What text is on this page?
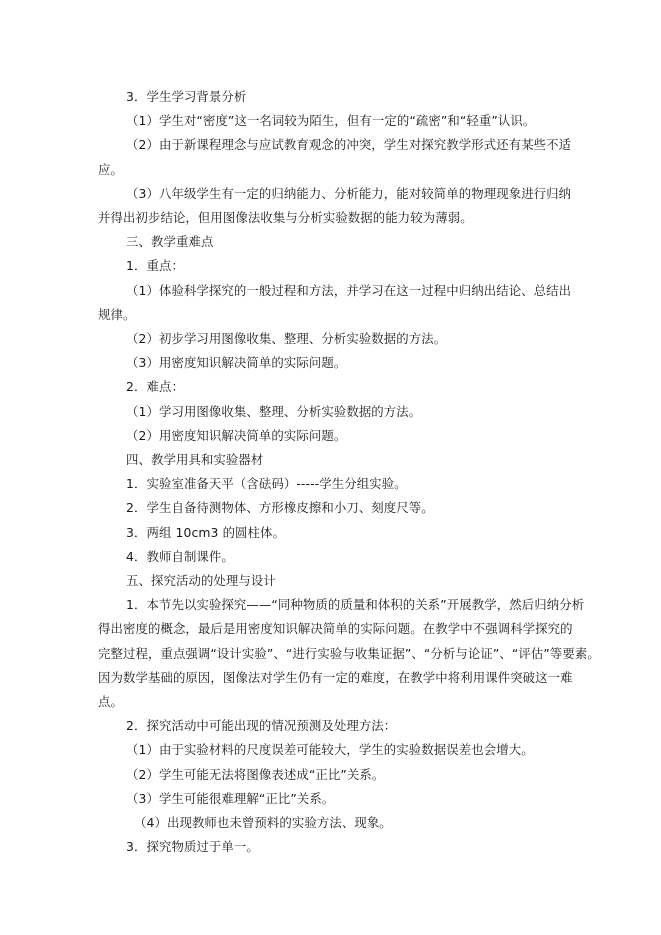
3．学生学习背景分析
（1）学生对“密度”这一名词较为陌生，但有一定的“疏密”和“轻重”认识。
（2）由于新课程理念与应试教育观念的冲突，学生对探究教学形式还有某些不适
应。
（3）八年级学生有一定的归纳能力、分析能力，能对较简单的物理现象进行归纳
并得出初步结论，但用图像法收集与分析实验数据的能力较为薄弱。
三、教学重难点
1．重点：
（1）体验科学探究的一般过程和方法，并学习在这一过程中归纳出结论、总结出
规律。
（2）初步学习用图像收集、整理、分析实验数据的方法。
（3）用密度知识解决简单的实际问题。
2．难点：
（1）学习用图像收集、整理、分析实验数据的方法。
（2）用密度知识解决简单的实际问题。
四、教学用具和实验器材
1．实验室准备天平（含砝码）-----学生分组实验。
2．学生自备待测物体、方形橡皮擦和小刀、刻度尺等。
3．两组 10cm3 的圆柱体。
4．教师自制课件。
五、探究活动的处理与设计
1．本节先以实验探究——“同种物质的质量和体积的关系”开展教学，然后归纳分析
得出密度的概念，最后是用密度知识解决简单的实际问题。在教学中不强调科学探究的
完整过程，重点强调“设计实验”、“进行实验与收集证据”、“分析与论证”、“评估”等要素。
因为数学基础的原因，图像法对学生仍有一定的难度，在教学中将利用课件突破这一难
点。
2．探究活动中可能出现的情况预测及处理方法：
（1）由于实验材料的尺度误差可能较大，学生的实验数据误差也会增大。
（2）学生可能无法将图像表述成“正比”关系。
（3）学生可能很难理解“正比”关系。
（4）出现教师也未曾预料的实验方法、现象。
3．探究物质过于单一。
